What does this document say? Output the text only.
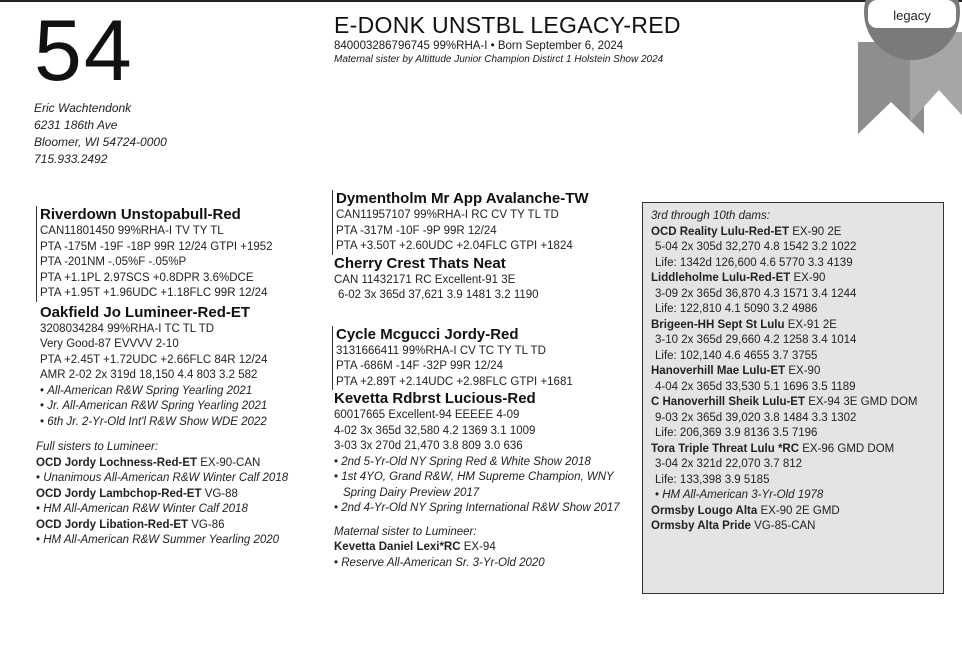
54
Eric Wachtendonk
6231 186th Ave
Bloomer, WI 54724-0000
715.933.2492
E-DONK UNSTBL LEGACY-RED
840003286796745 99%RHA-I • Born September 6, 2024
Maternal sister by Altittude Junior Champion Distirct 1 Holstein Show 2024
legacy
Riverdown Unstopabull-Red
CAN11801450 99%RHA-I TV TY TL
PTA -175M -19F -18P 99R 12/24 GTPI +1952
PTA -201NM -.05%F -.05%P
PTA +1.1PL 2.97SCS +0.8DPR 3.6%DCE
PTA +1.95T +1.96UDC +1.18FLC 99R 12/24
Oakfield Jo Lumineer-Red-ET
3208034284 99%RHA-I TC TL TD
Very Good-87 EVVVV 2-10
PTA +2.45T +1.72UDC +2.66FLC 84R 12/24
AMR 2-02 2x 319d 18,150 4.4 803 3.2 582
• All-American R&W Spring Yearling 2021
• Jr. All-American R&W Spring Yearling 2021
• 6th Jr. 2-Yr-Old Int'l R&W Show WDE 2022
Full sisters to Lumineer:
OCD Jordy Lochness-Red-ET EX-90-CAN
• Unanimous All-American R&W Winter Calf 2018
OCD Jordy Lambchop-Red-ET VG-88
• HM All-American R&W Winter Calf 2018
OCD Jordy Libation-Red-ET VG-86
• HM All-American R&W Summer Yearling 2020
Dymentholm Mr App Avalanche-TW
CAN11957107 99%RHA-I RC CV TY TL TD
PTA -317M -10F -9P 99R 12/24
PTA +3.50T +2.60UDC +2.04FLC GTPI +1824
Cherry Crest Thats Neat
CAN 11432171 RC Excellent-91 3E
6-02 3x 365d 37,621 3.9 1481 3.2 1190
Cycle Mcgucci Jordy-Red
3131666411 99%RHA-I CV TC TY TL TD
PTA -686M -14F -32P 99R 12/24
PTA +2.89T +2.14UDC +2.98FLC GTPI +1681
Kevetta Rdbrst Lucious-Red
60017665 Excellent-94 EEEEE 4-09
4-02 3x 365d 32,580 4.2 1369 3.1 1009
3-03 3x 270d 21,470 3.8 809 3.0 636
• 2nd 5-Yr-Old NY Spring Red & White Show 2018
• 1st 4YO, Grand R&W, HM Supreme Champion, WNY
Spring Dairy Preview 2017
• 2nd 4-Yr-Old NY Spring International R&W Show 2017
Maternal sister to Lumineer:
Kevetta Daniel Lexi*RC EX-94
• Reserve All-American Sr. 3-Yr-Old 2020
3rd through 10th dams:
OCD Reality Lulu-Red-ET EX-90 2E
5-04 2x 305d 32,270 4.8 1542 3.2 1022
Life: 1342d 126,600 4.6 5770 3.3 4139
Liddleholme Lulu-Red-ET EX-90
3-09 2x 365d 36,870 4.3 1571 3.4 1244
Life: 122,810 4.1 5090 3.2 4986
Brigeen-HH Sept St Lulu EX-91 2E
3-10 2x 365d 29,660 4.2 1258 3.4 1014
Life: 102,140 4.6 4655 3.7 3755
Hanoverhill Mae Lulu-ET EX-90
4-04 2x 365d 33,530 5.1 1696 3.5 1189
C Hanoverhill Sheik Lulu-ET EX-94 3E GMD DOM
9-03 2x 365d 39,020 3.8 1484 3.3 1302
Life: 206,369 3.9 8136 3.5 7196
Tora Triple Threat Lulu *RC EX-96 GMD DOM
3-04 2x 321d 22,070 3.7 812
Life: 133,398 3.9 5185
• HM All-American 3-Yr-Old 1978
Ormsby Lougo Alta EX-90 2E GMD
Ormsby Alta Pride VG-85-CAN
